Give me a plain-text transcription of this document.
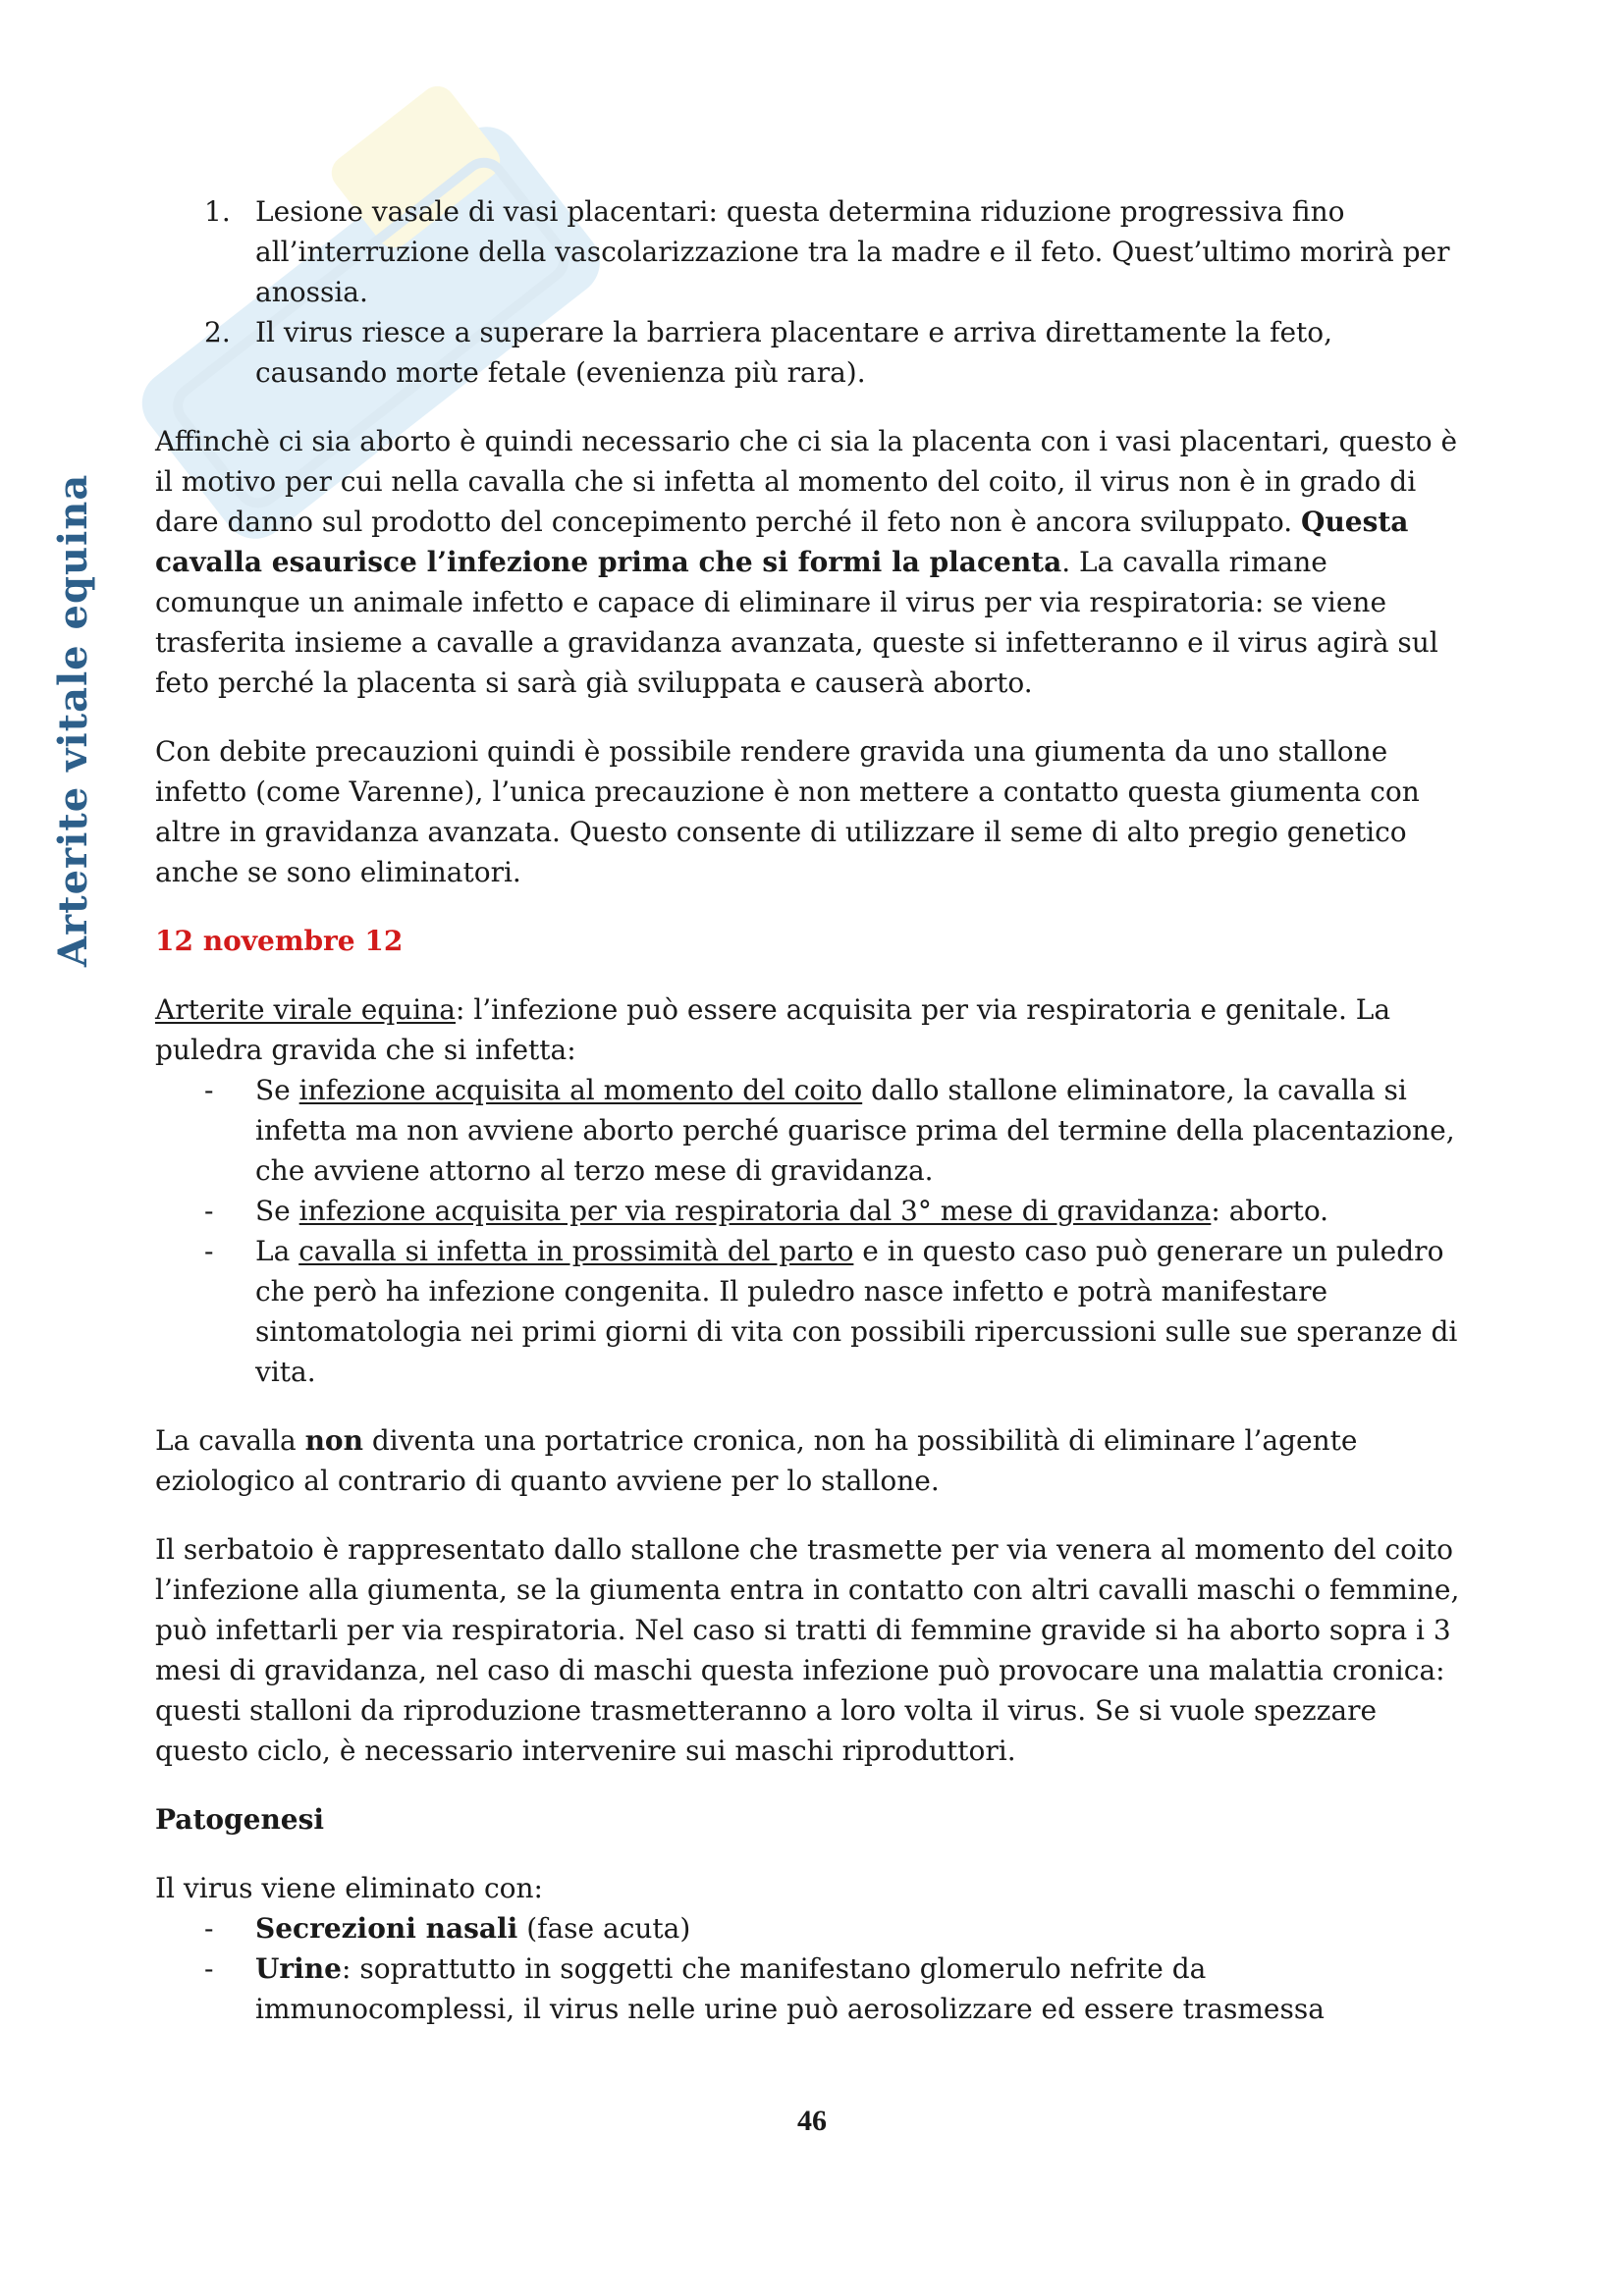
Arterite vitale equina
1. Lesione vasale di vasi placentari: questa determina riduzione progressiva fino all’interruzione della vascolarizzazione tra la madre e il feto. Quest’ultimo morirà per anossia.
2. Il virus riesce a superare la barriera placentare e arriva direttamente la feto, causando morte fetale (evenienza più rara).

Affinchè ci sia aborto è quindi necessario che ci sia la placenta con i vasi placentari, questo è il motivo per cui nella cavalla che si infetta al momento del coito, il virus non è in grado di dare danno sul prodotto del concepimento perché il feto non è ancora sviluppato. Questa cavalla esaurisce l’infezione prima che si formi la placenta. La cavalla rimane comunque un animale infetto e capace di eliminare il virus per via respiratoria: se viene trasferita insieme a cavalle a gravidanza avanzata, queste si infetteranno e il virus agirà sul feto perché la placenta si sarà già sviluppata e causerà aborto.

Con debite precauzioni quindi è possibile rendere gravida una giumenta da uno stallone infetto (come Varenne), l’unica precauzione è non mettere a contatto questa giumenta con altre in gravidanza avanzata. Questo consente di utilizzare il seme di alto pregio genetico anche se sono eliminatori.

12 novembre 12

Arterite virale equina: l’infezione può essere acquisita per via respiratoria e genitale. La puledra gravida che si infetta:

- Se infezione acquisita al momento del coito dallo stallone eliminatore, la cavalla si infetta ma non avviene aborto perché guarisce prima del termine della placentazione, che avviene attorno al terzo mese di gravidanza.
- Se infezione acquisita per via respiratoria dal 3° mese di gravidanza: aborto.
- La cavalla si infetta in prossimità del parto e in questo caso può generare un puledro che però ha infezione congenita. Il puledro nasce infetto e potrà manifestare sintomatologia nei primi giorni di vita con possibili ripercussioni sulle sue speranze di vita.

La cavalla non diventa una portatrice cronica, non ha possibilità di eliminare l’agente eziologico al contrario di quanto avviene per lo stallone.

Il serbatoio è rappresentato dallo stallone che trasmette per via venera al momento del coito l’infezione alla giumenta, se la giumenta entra in contatto con altri cavalli maschi o femmine, può infettarli per via respiratoria. Nel caso si tratti di femmine gravide si ha aborto sopra i 3 mesi di gravidanza, nel caso di maschi questa infezione può provocare una malattia cronica: questi stalloni da riproduzione trasmetteranno a loro volta il virus. Se si vuole spezzare questo ciclo, è necessario intervenire sui maschi riproduttori.

Patogenesi

Il virus viene eliminato con:

- Secrezioni nasali (fase acuta)
- Urine: soprattutto in soggetti che manifestano glomerulo nefrite da immunocomplessi, il virus nelle urine può aerosolizzare ed essere trasmessa
46
